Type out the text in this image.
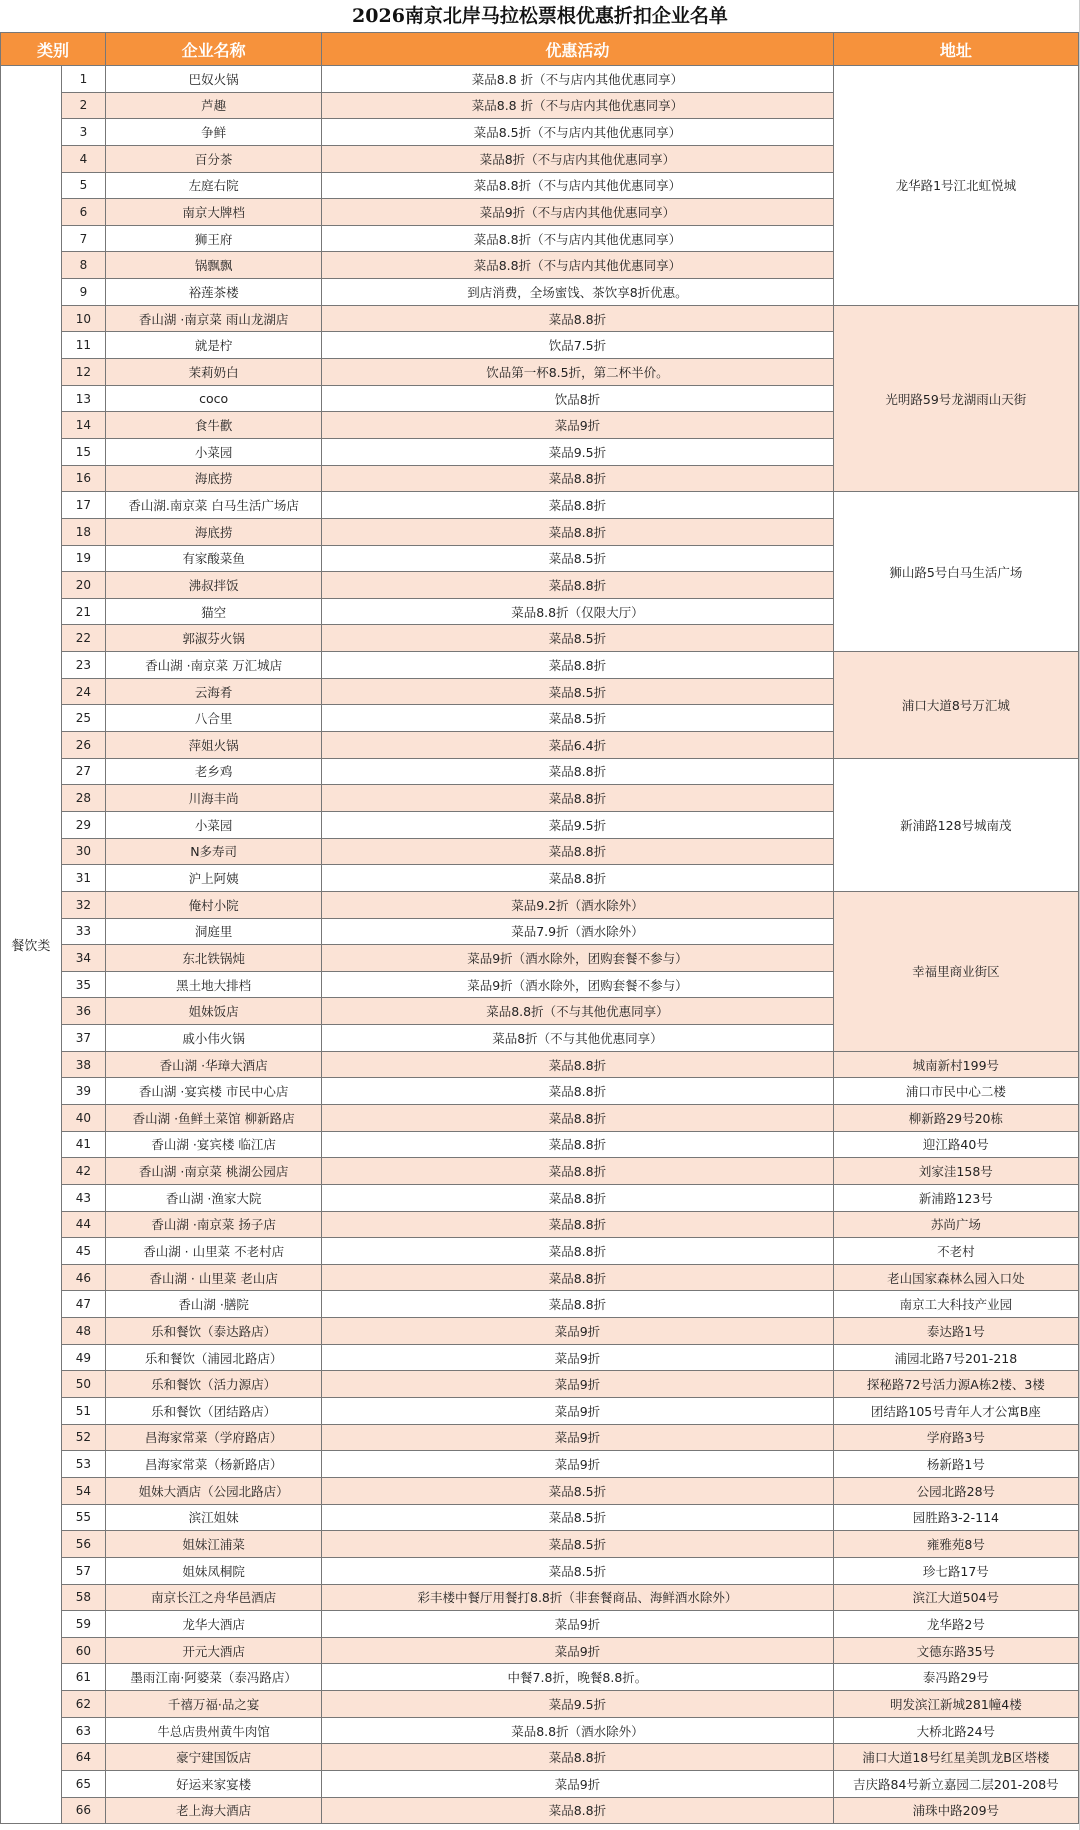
2026南京北岸马拉松票根优惠折扣企业名单
类别		企业名称	优惠活动	地址
餐饮类	1	巴奴火锅	菜品8.8 折（不与店内其他优惠同享）	龙华路1号江北虹悦城
	2	芦趣	菜品8.8 折（不与店内其他优惠同享）	
	3	争鲜	菜品8.5折（不与店内其他优惠同享）	
	4	百分茶	菜品8折（不与店内其他优惠同享）	
	5	左庭右院	菜品8.8折（不与店内其他优惠同享）	
	6	南京大牌档	菜品9折（不与店内其他优惠同享）	
	7	狮王府	菜品8.8折（不与店内其他优惠同享）	
	8	锅飘飘	菜品8.8折（不与店内其他优惠同享）	
	9	裕莲茶楼	到店消费，全场蜜饯、茶饮享8折优惠。	
	10	香山湖 ·南京菜 雨山龙湖店	菜品8.8折	光明路59号龙湖雨山天街
	11	就是柠	饮品7.5折	
	12	茉莉奶白	饮品第一杯8.5折，第二杯半价。	
	13	coco	饮品8折	
	14	食牛歡	菜品9折	
	15	小菜园	菜品9.5折	
	16	海底捞	菜品8.8折	
	17	香山湖.南京菜 白马生活广场店	菜品8.8折	狮山路5号白马生活广场
	18	海底捞	菜品8.8折	
	19	有家酸菜鱼	菜品8.5折	
	20	沸叔拌饭	菜品8.8折	
	21	猫空	菜品8.8折（仅限大厅）	
	22	郭淑芬火锅	菜品8.5折	
	23	香山湖 ·南京菜 万汇城店	菜品8.8折	浦口大道8号万汇城
	24	云海肴	菜品8.5折	
	25	八合里	菜品8.5折	
	26	萍姐火锅	菜品6.4折	
	27	老乡鸡	菜品8.8折	新浦路128号城南茂
	28	川海丰尚	菜品8.8折	
	29	小菜园	菜品9.5折	
	30	N多寿司	菜品8.8折	
	31	沪上阿姨	菜品8.8折	
	32	俺村小院	菜品9.2折（酒水除外）	幸福里商业街区
	33	洞庭里	菜品7.9折（酒水除外）	
	34	东北铁锅炖	菜品9折（酒水除外，团购套餐不参与）	
	35	黑土地大排档	菜品9折（酒水除外，团购套餐不参与）	
	36	姐妹饭店	菜品8.8折（不与其他优惠同享）	
	37	戚小伟火锅	菜品8折（不与其他优惠同享）	
	38	香山湖 ·华璋大酒店	菜品8.8折	城南新村199号
	39	香山湖 ·宴宾楼 市民中心店	菜品8.8折	浦口市民中心二楼
	40	香山湖 ·鱼鲜土菜馆 柳新路店	菜品8.8折	柳新路29号20栋
	41	香山湖 ·宴宾楼 临江店	菜品8.8折	迎江路40号
	42	香山湖 ·南京菜 桃湖公园店	菜品8.8折	刘家洼158号
	43	香山湖 ·渔家大院	菜品8.8折	新浦路123号
	44	香山湖 ·南京菜 扬子店	菜品8.8折	苏尚广场
	45	香山湖 · 山里菜 不老村店	菜品8.8折	不老村
	46	香山湖 · 山里菜 老山店	菜品8.8折	老山国家森林么园入口处
	47	香山湖 ·膳院	菜品8.8折	南京工大科技产业园
	48	乐和餐饮（泰达路店）	菜品9折	泰达路1号
	49	乐和餐饮（浦园北路店）	菜品9折	浦园北路7号201-218
	50	乐和餐饮（活力源店）	菜品9折	探秘路72号活力源A栋2楼、3楼
	51	乐和餐饮（团结路店）	菜品9折	团结路105号青年人才公寓B座
	52	昌海家常菜（学府路店）	菜品9折	学府路3号
	53	昌海家常菜（杨新路店）	菜品9折	杨新路1号
	54	姐妹大酒店（公园北路店）	菜品8.5折	公园北路28号
	55	滨江姐妹	菜品8.5折	园胜路3-2-114
	56	姐妹江浦菜	菜品8.5折	雍雅苑8号
	57	姐妹凤桐院	菜品8.5折	珍七路17号
	58	南京长江之舟华邑酒店	彩丰楼中餐厅用餐打8.8折（非套餐商品、海鲜酒水除外）	滨江大道504号
	59	龙华大酒店	菜品9折	龙华路2号
	60	开元大酒店	菜品9折	文德东路35号
	61	墨雨江南·阿婆菜（泰冯路店）	中餐7.8折，晚餐8.8折。	泰冯路29号
	62	千禧万福·品之宴	菜品9.5折	明发滨江新城281幢4楼
	63	牛总店贵州黄牛肉馆	菜品8.8折（酒水除外）	大桥北路24号
	64	豪宁建国饭店	菜品8.8折	浦口大道18号红星美凯龙B区塔楼
	65	好运来家宴楼	菜品9折	吉庆路84号新立嘉园二层201-208号
	66	老上海大酒店	菜品8.8折	浦珠中路209号
